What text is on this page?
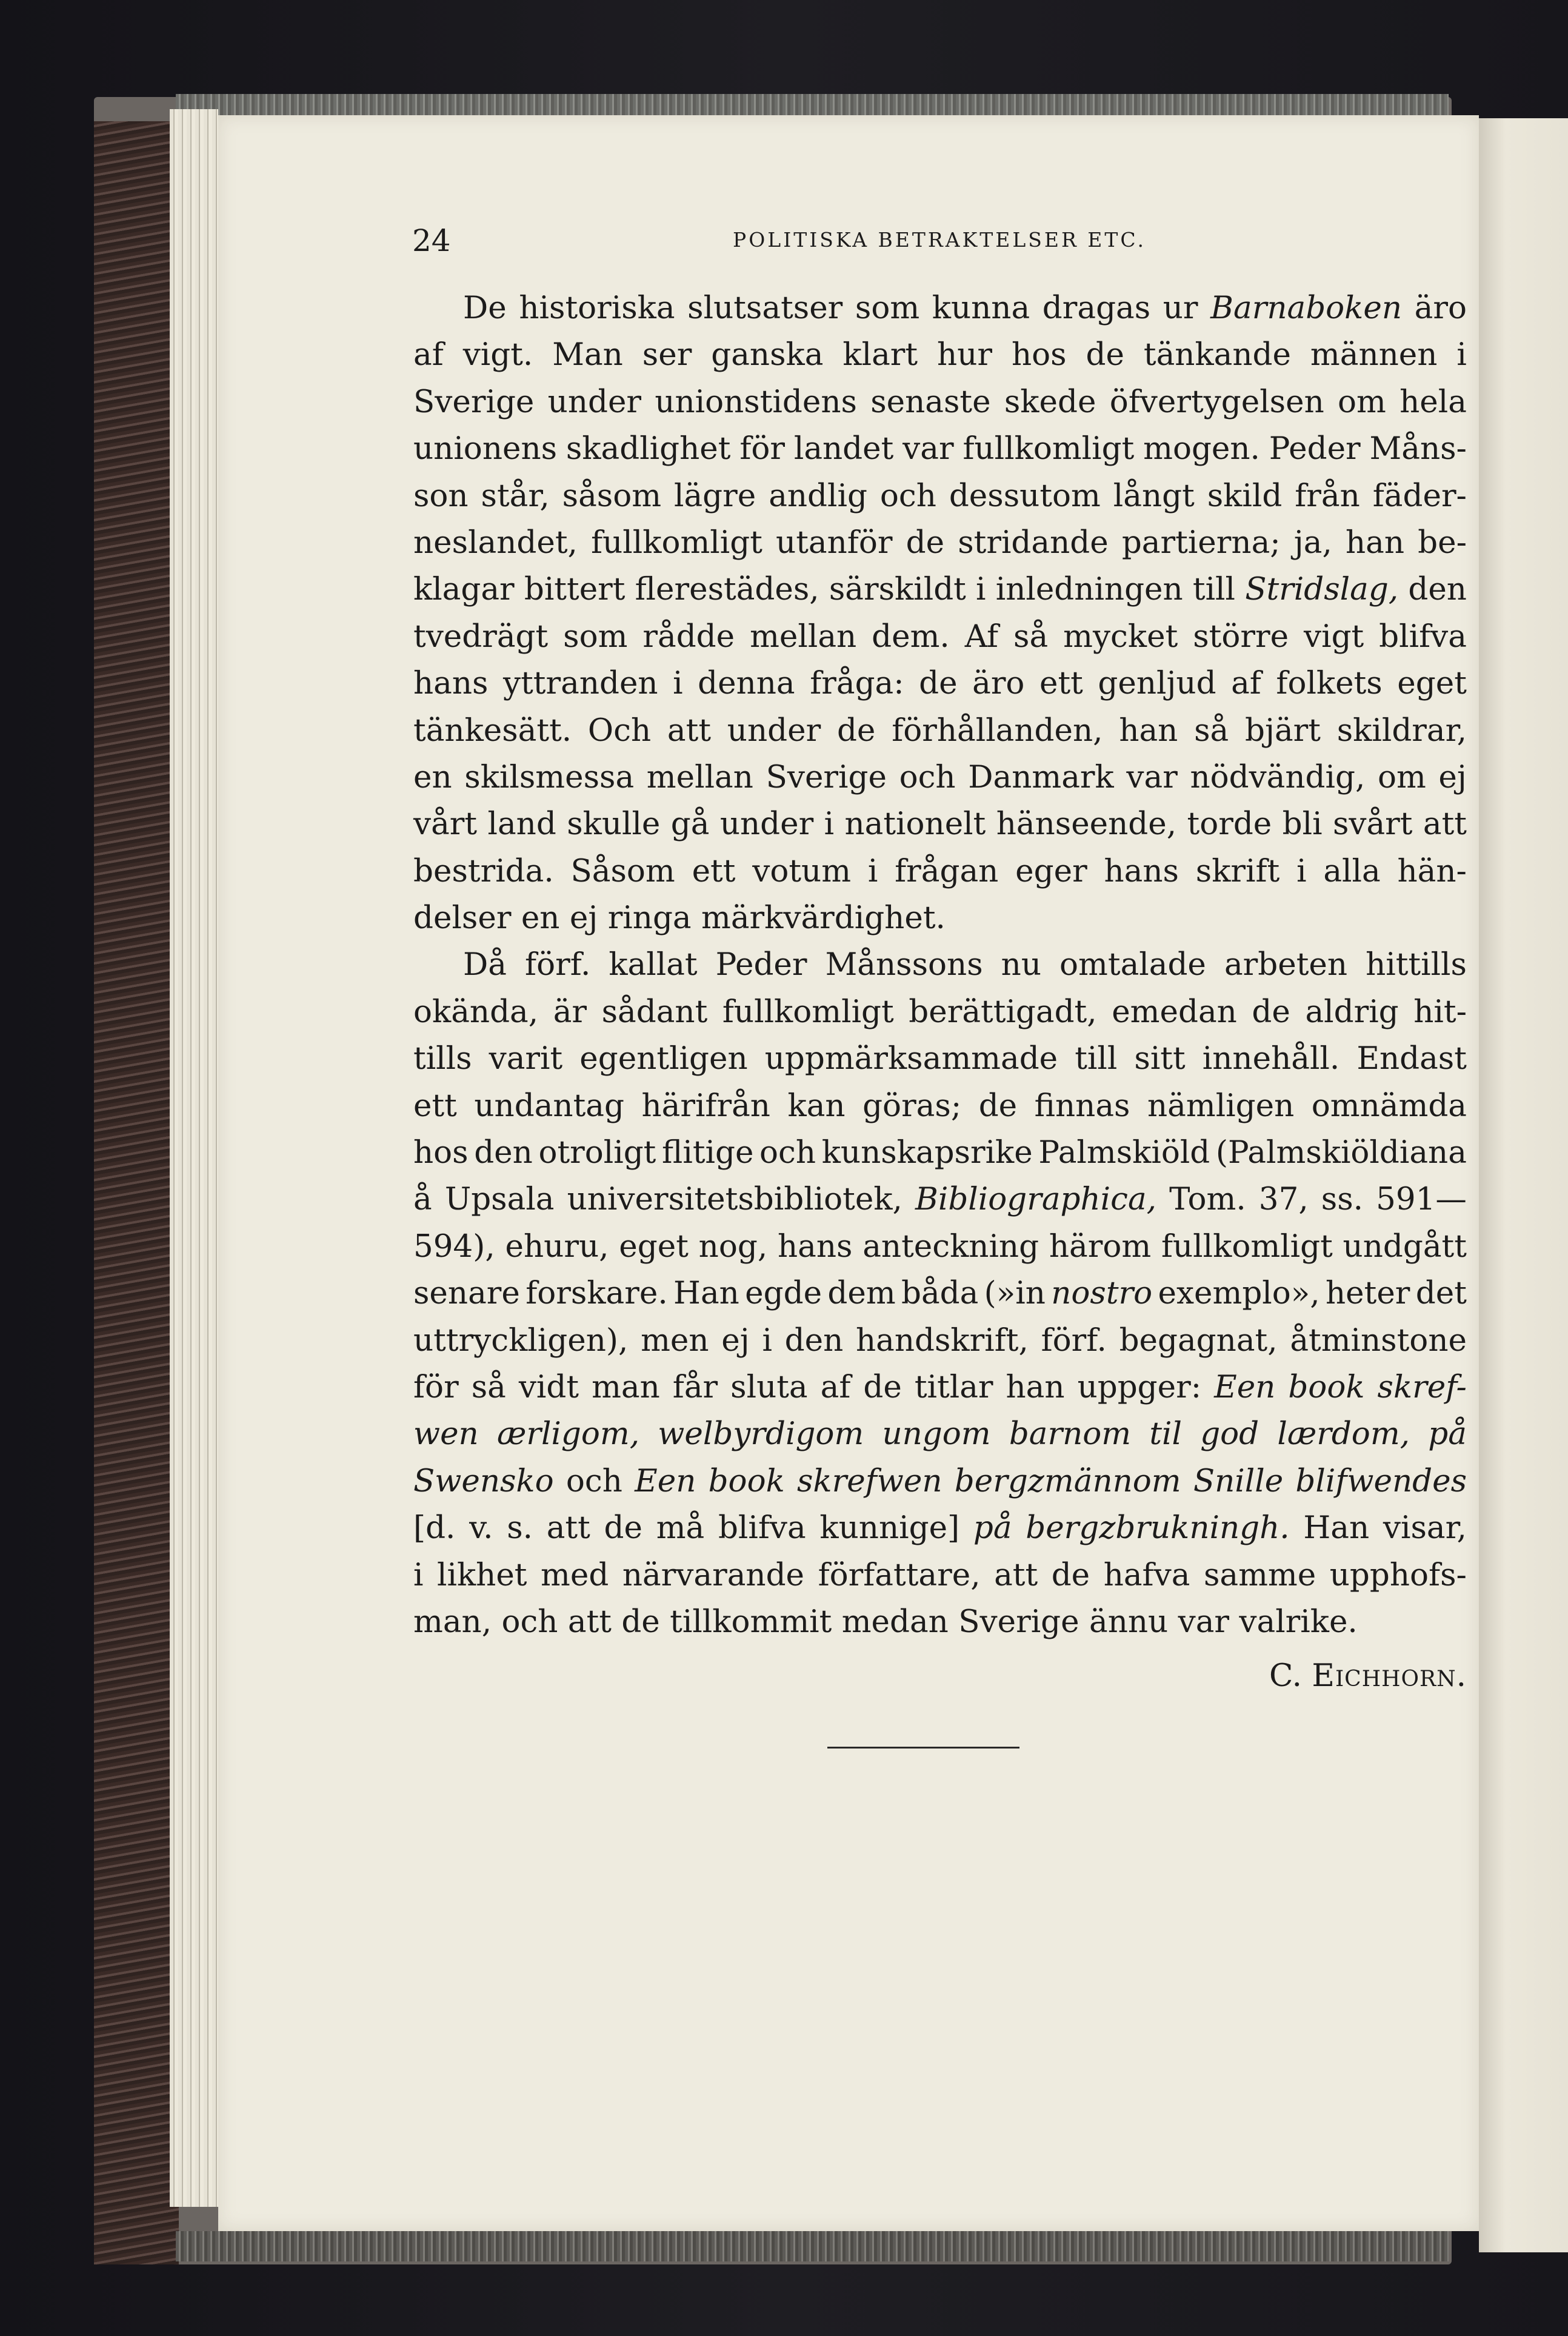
24	POLITISKA BETRAKTELSER ETC.
De historiska slutsatser som kunna dragas ur Barnaboken äro
af vigt. Man ser ganska klart hur hos de tänkande männen i
Sverige under unionstidens senaste skede öfvertygelsen om hela
unionens skadlighet för landet var fullkomligt mogen. Peder Måns-
son står, såsom lägre andlig och dessutom långt skild från fäder-
neslandet, fullkomligt utanför de stridande partierna; ja, han be-
klagar bittert flerestädes, särskildt i inledningen till Stridslag, den
tvedrägt som rådde mellan dem. Af så mycket större vigt blifva
hans yttranden i denna fråga: de äro ett genljud af folkets eget
tänkesätt. Och att under de förhållanden, han så bjärt skildrar,
en skilsmessa mellan Sverige och Danmark var nödvändig, om ej
vårt land skulle gå under i nationelt hänseende, torde bli svårt att
bestrida. Såsom ett votum i frågan eger hans skrift i alla hän-
delser
en
ej
ringa
märkvärdighet.
Då förf. kallat Peder Månssons nu omtalade arbeten hittills
okända, är sådant fullkomligt berättigadt, emedan de aldrig hit-
tills varit egentligen uppmärksammade till sitt innehåll. Endast
ett undantag härifrån kan göras; de finnas nämligen omnämda
hos den otroligt flitige och kunskapsrike Palmskiöld (Palmskiöldiana
å Upsala universitetsbibliotek, Bibliographica, Tom. 37, ss. 591—
594), ehuru, eget nog, hans anteckning härom fullkomligt undgått
senare forskare. Han egde dem båda (»in nostro exemplo», heter det
uttryckligen), men ej i den handskrift, förf. begagnat, åtminstone
för så vidt man får sluta af de titlar han uppger: Een book skref-
wen ærligom, welbyrdigom ungom barnom til god lærdom, på
Swensko och Een book skrefwen bergzmännom Snille blifwendes
[d. v. s. att de må blifva kunnige] på bergzbrukningh. Han visar,
i likhet med närvarande författare, att de hafva samme upphofs-
man,
och
att
de
tillkommit
medan
Sverige
ännu
var
valrike.
C.
Eichhorn.
